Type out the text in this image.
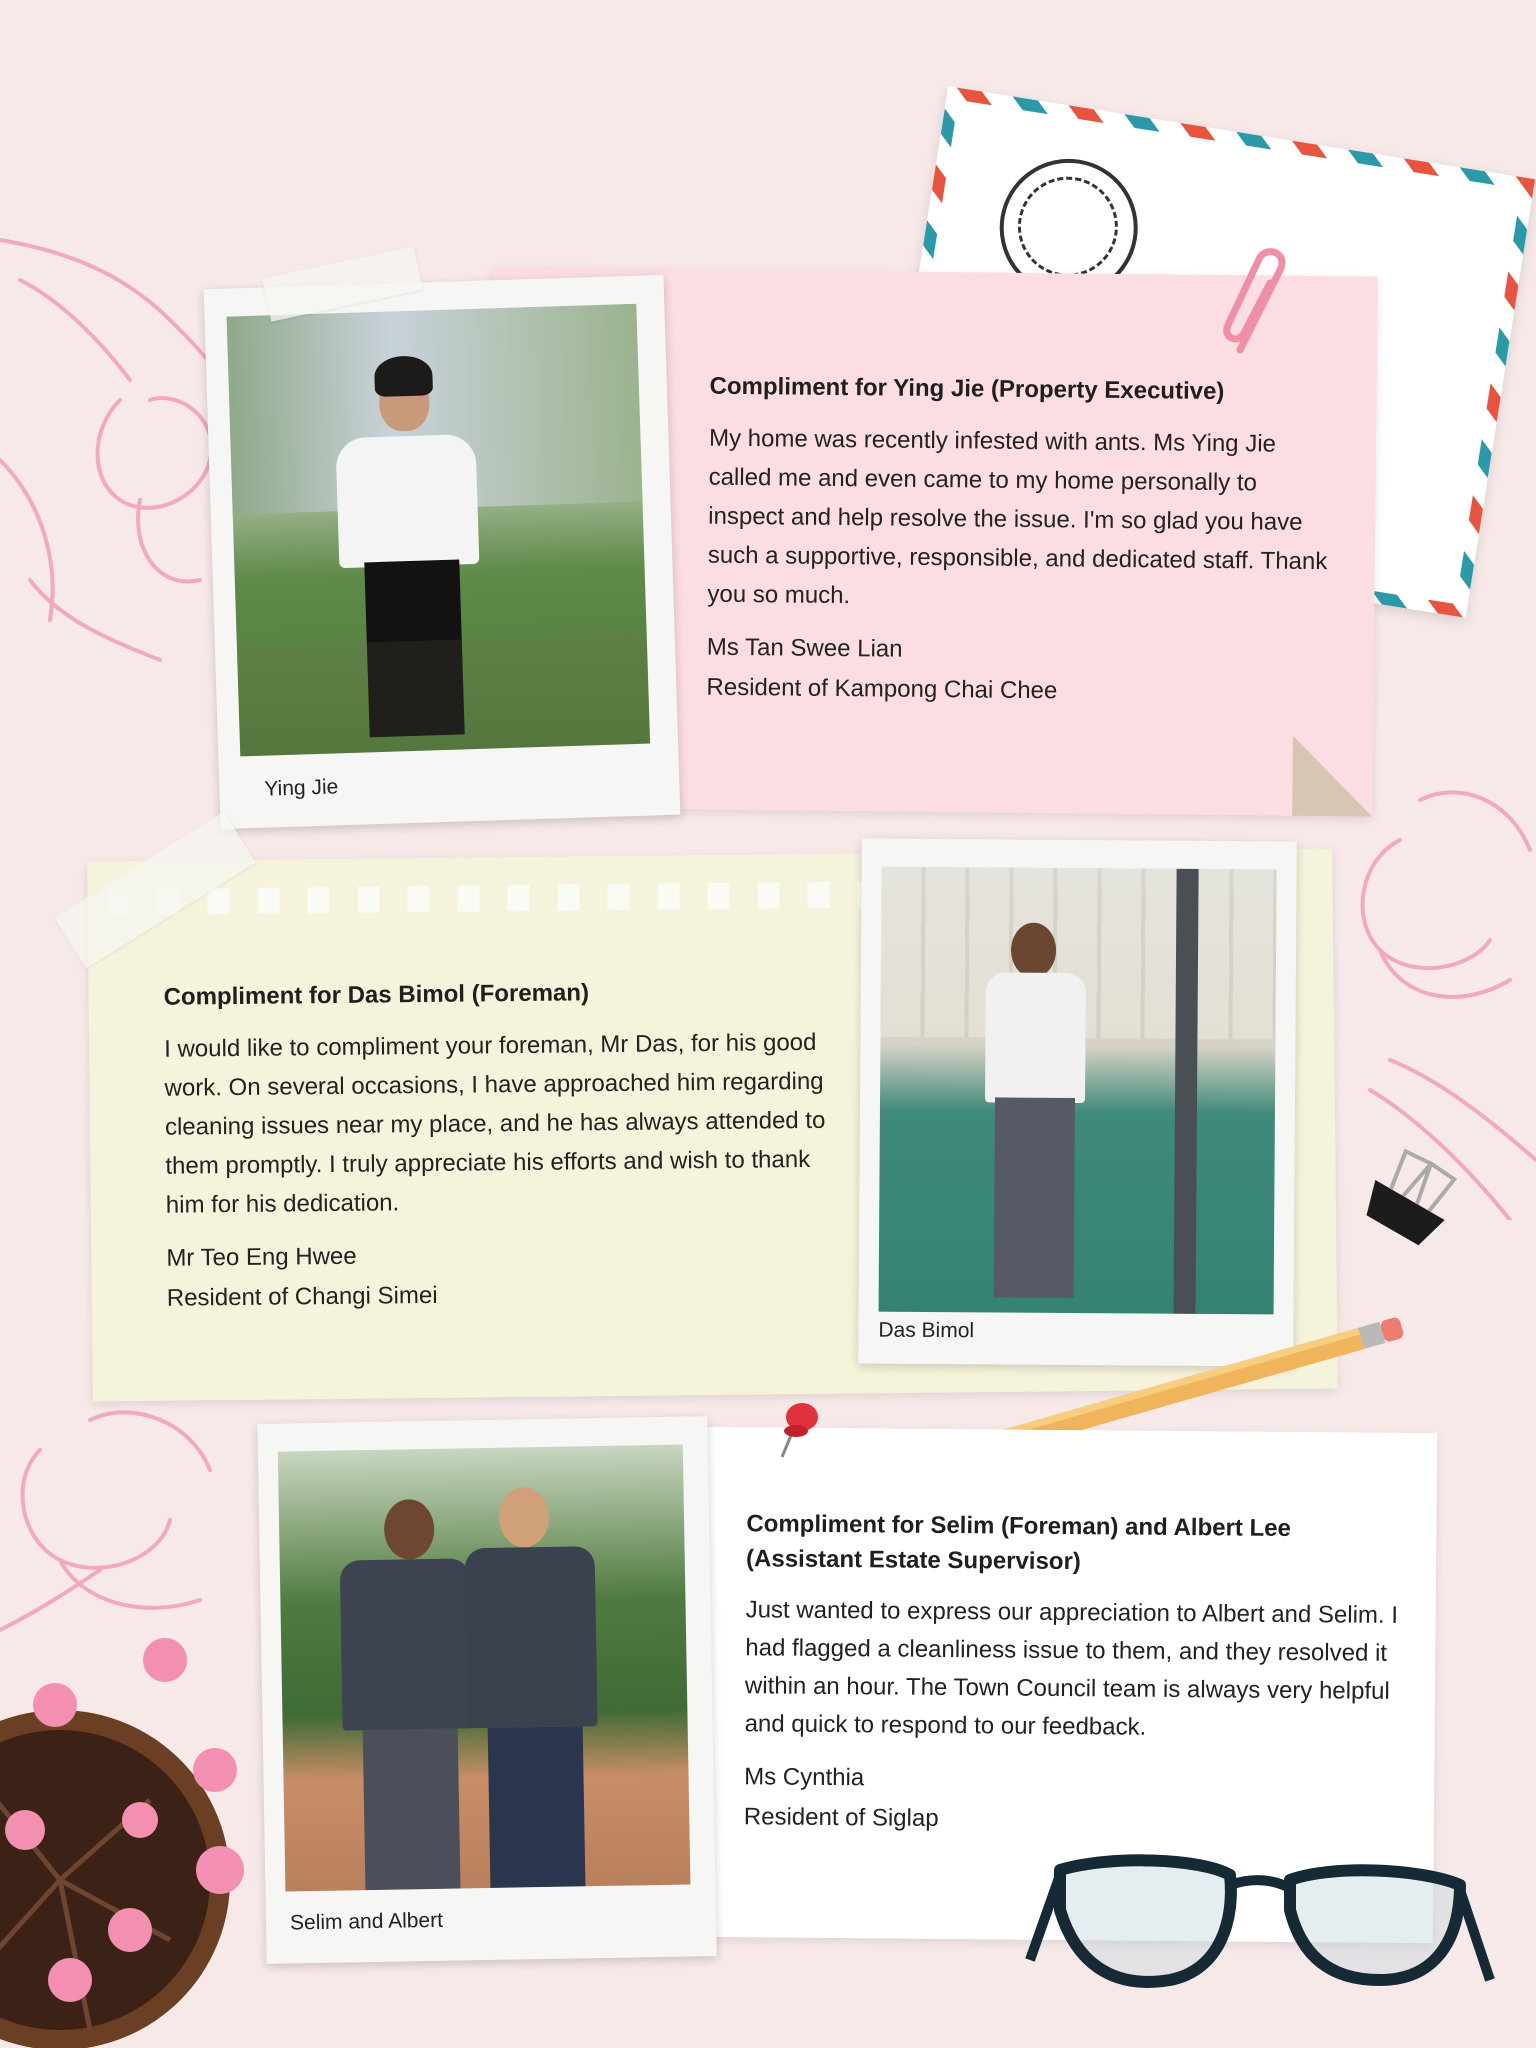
Compliment for Ying Jie (Property Executive)
My home was recently infested with ants. Ms Ying Jie called me and even came to my home personally to inspect and help resolve the issue. I'm so glad you have such a supportive, responsible, and dedicated staff. Thank you so much.
Ms Tan Swee Lian
Resident of Kampong Chai Chee
Ying Jie
Compliment for Das Bimol (Foreman)
I would like to compliment your foreman, Mr Das, for his good work. On several occasions, I have approached him regarding cleaning issues near my place, and he has always attended to them promptly. I truly appreciate his efforts and wish to thank him for his dedication.
Mr Teo Eng Hwee
Resident of Changi Simei
Das Bimol
Compliment for Selim (Foreman) and Albert Lee (Assistant Estate Supervisor)
Just wanted to express our appreciation to Albert and Selim. I had flagged a cleanliness issue to them, and they resolved it within an hour. The Town Council team is always very helpful and quick to respond to our feedback.
Ms Cynthia
Resident of Siglap
Selim and Albert
